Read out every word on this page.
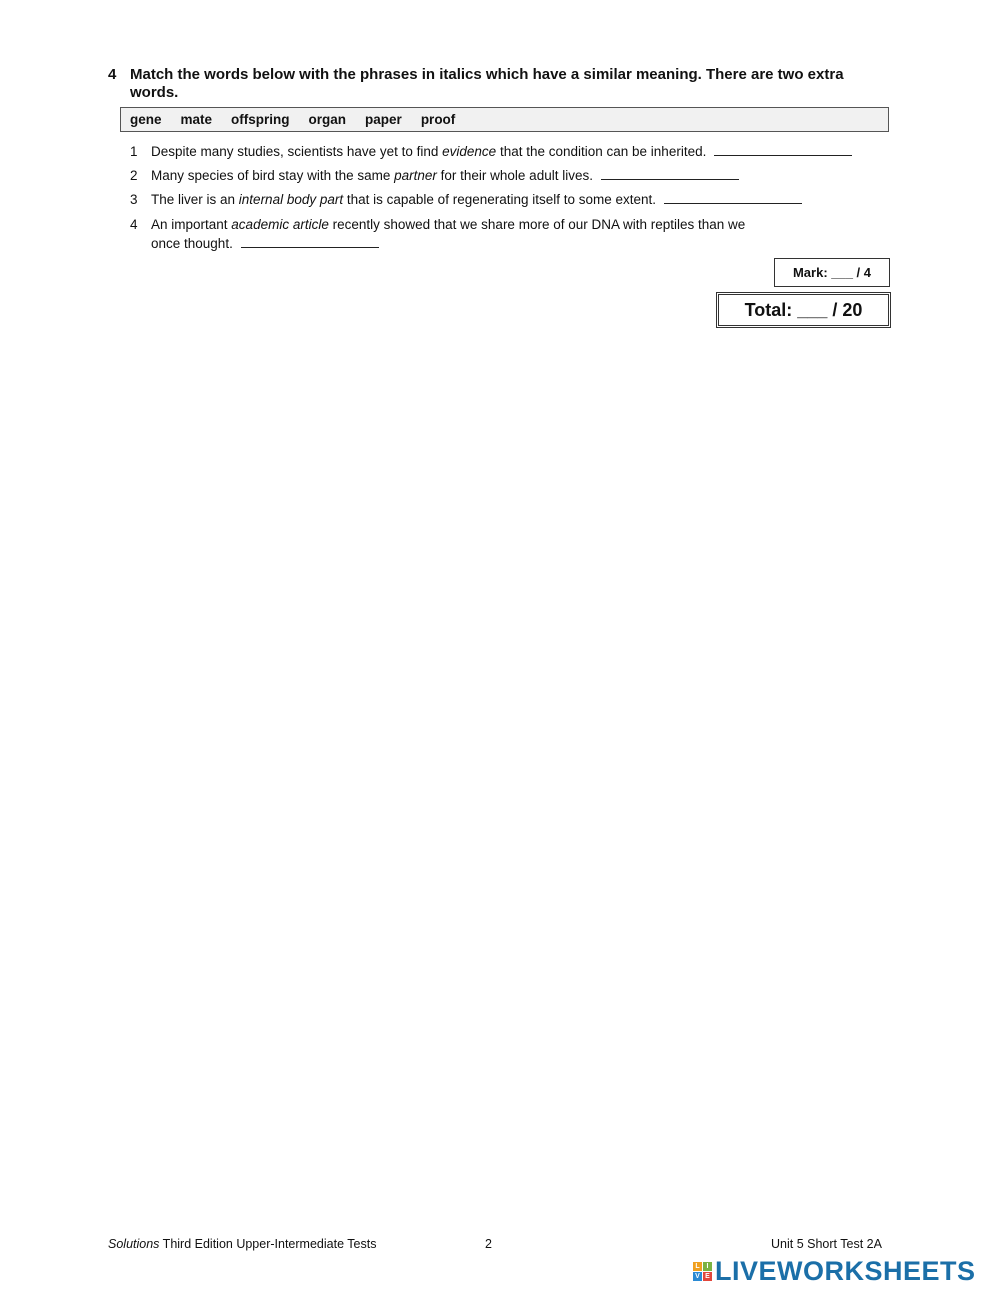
4 Match the words below with the phrases in italics which have a similar meaning. There are two extra words.
gene mate offspring organ paper proof
1 Despite many studies, scientists have yet to find evidence that the condition can be inherited.
2 Many species of bird stay with the same partner for their whole adult lives.
3 The liver is an internal body part that is capable of regenerating itself to some extent.
4 An important academic article recently showed that we share more of our DNA with reptiles than we
once thought.
Mark: ___ / 4
Total: ___ / 20
Solutions Third Edition Upper-Intermediate Tests	2	Unit 5 Short Test 2A
L I
V E LIVEWORKSHEETS
